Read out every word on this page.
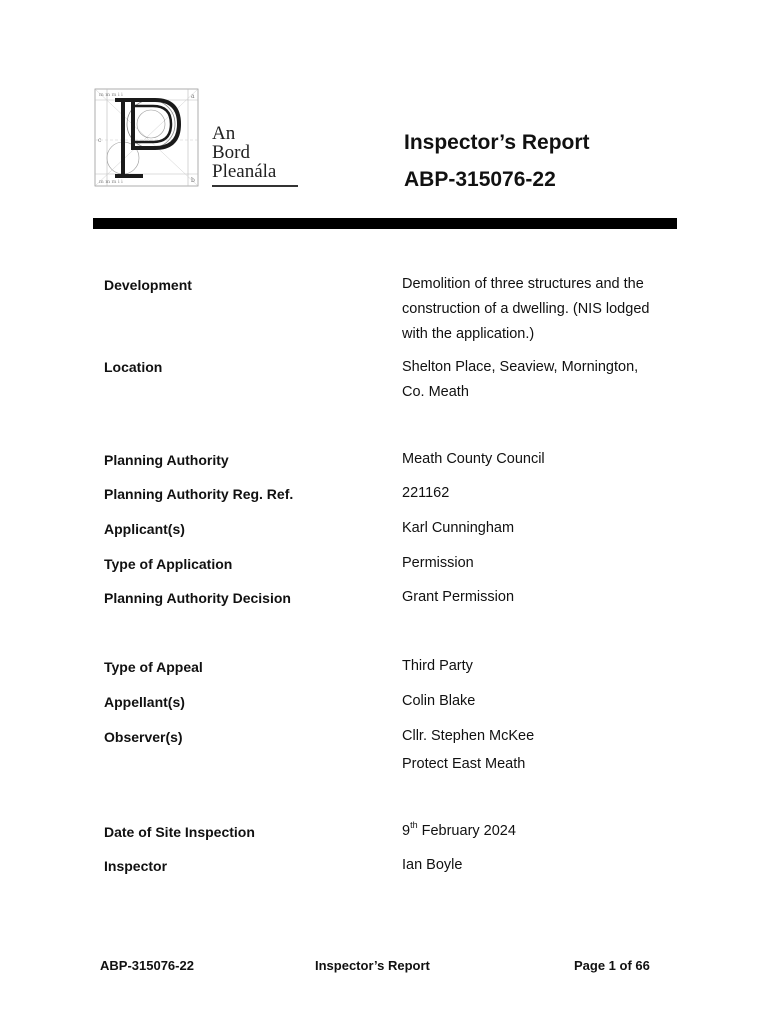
m m m i i
m m m i i
a
b
c	An
Bord
Pleanála
Inspector’s Report
ABP-315076-22
Development	Demolition of three structures and the
construction of a dwelling. (NIS lodged
with the application.)
Location	Shelton Place, Seaview, Mornington,
Co. Meath
Planning Authority	Meath County Council
Planning Authority Reg. Ref.	221162
Applicant(s)	Karl Cunningham
Type of Application	Permission
Planning Authority Decision	Grant Permission
Type of Appeal	Third Party
Appellant(s)	Colin Blake
Observer(s)	Cllr. Stephen McKee
Protect East Meath
Date of Site Inspection	9th February 2024
Inspector	Ian Boyle
ABP-315076-22	Inspector’s Report	Page 1 of 66
